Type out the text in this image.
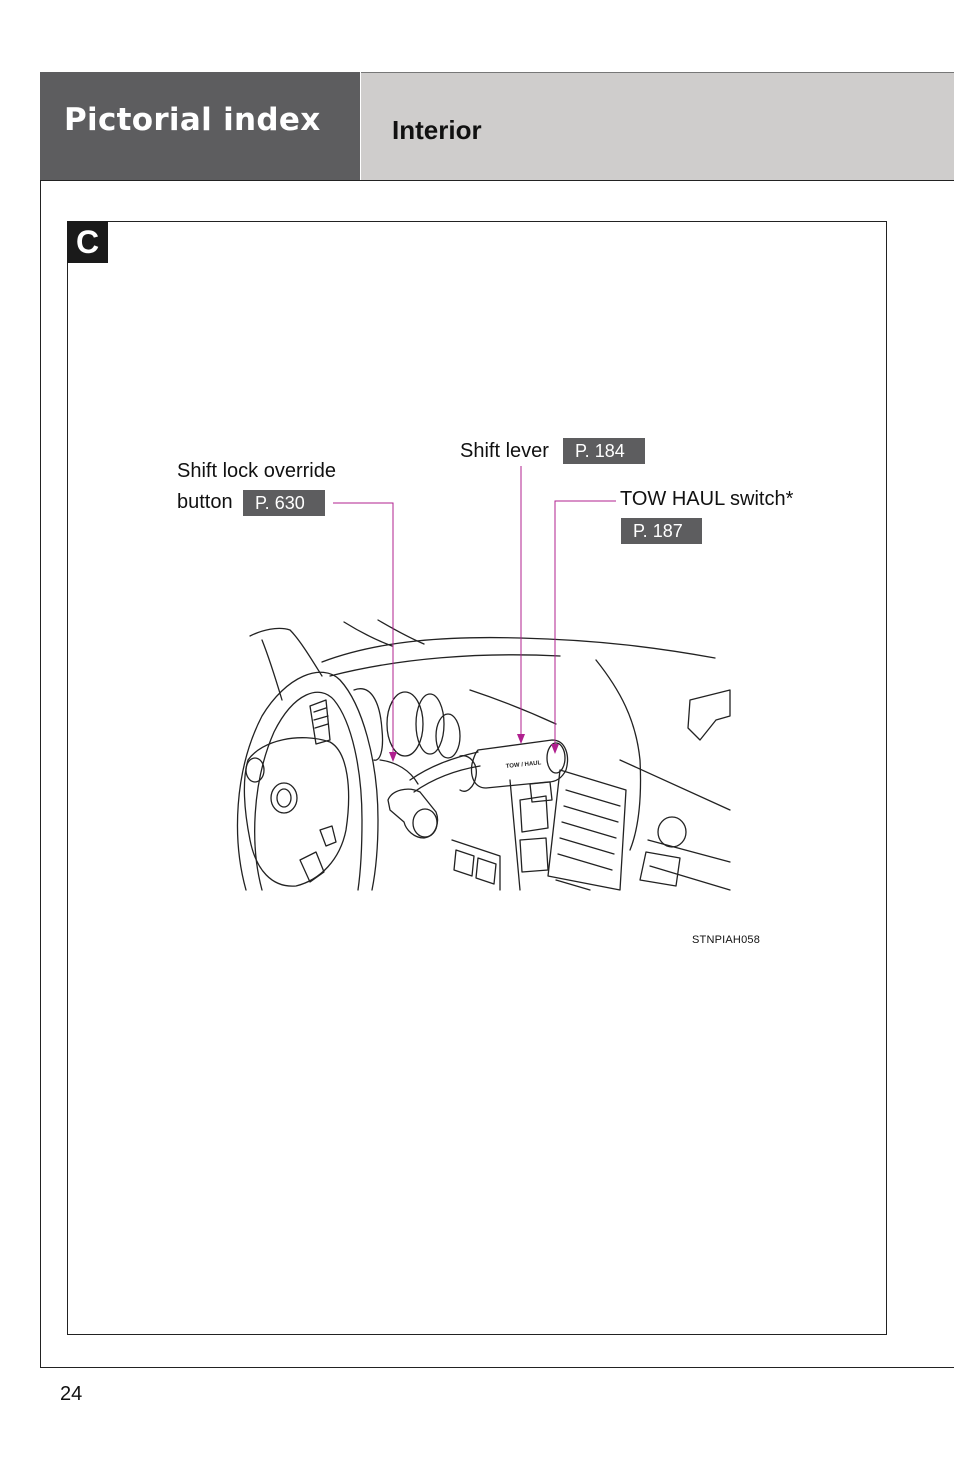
Pictorial index	Interior
C
TOW / HAUL
Shift lock override
button	P. 630
Shift lever	P. 184
TOW HAUL switch*
P. 187
STNPIAH058
24
